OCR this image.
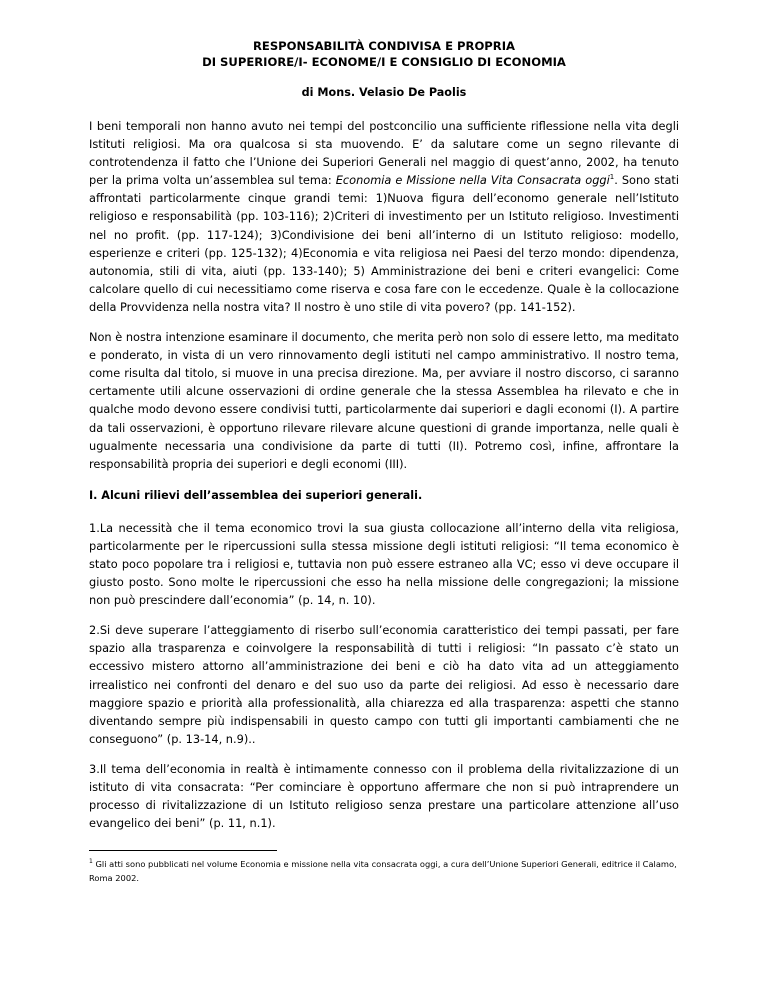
RESPONSABILITÀ CONDIVISA E PROPRIA
DI SUPERIORE/I- ECONOME/I E CONSIGLIO DI ECONOMIA
di Mons. Velasio De Paolis

I beni temporali non hanno avuto nei tempi del postconcilio una sufficiente riflessione nella vita degli Istituti religiosi. Ma ora qualcosa si sta muovendo. E’ da salutare come un segno rilevante di controtendenza il fatto che l’Unione dei Superiori Generali nel maggio di quest’anno, 2002, ha tenuto per la prima volta un’assemblea sul tema: Economia e Missione nella Vita Consacrata oggi$^1$. Sono stati affrontati particolarmente cinque grandi temi: 1)Nuova figura dell’economo generale nell’Istituto religioso e responsabilità (pp. 103-116); 2)Criteri di investimento per un Istituto religioso. Investimenti nel no profit. (pp. 117-124); 3)Condivisione dei beni all’interno di un Istituto religioso: modello, esperienze e criteri (pp. 125-132); 4)Economia e vita religiosa nei Paesi del terzo mondo: dipendenza, autonomia, stili di vita, aiuti (pp. 133-140); 5) Amministrazione dei beni e criteri evangelici: Come calcolare quello di cui necessitiamo come riserva e cosa fare con le eccedenze. Quale è la collocazione della Provvidenza nella nostra vita? Il nostro è uno stile di vita povero? (pp. 141-152).

Non è nostra intenzione esaminare il documento, che merita però non solo di essere letto, ma meditato e ponderato, in vista di un vero rinnovamento degli istituti nel campo amministrativo. Il nostro tema, come risulta dal titolo, si muove in una precisa direzione. Ma, per avviare il nostro discorso, ci saranno certamente utili alcune osservazioni di ordine generale che la stessa Assemblea ha rilevato e che in qualche modo devono essere condivisi tutti, particolarmente dai superiori e dagli economi (I). A partire da tali osservazioni, è opportuno rilevare rilevare alcune questioni di grande importanza, nelle quali è ugualmente necessaria una condivisione da parte di tutti (II). Potremo così, infine, affrontare la responsabilità propria dei superiori e degli economi (III).

I. Alcuni rilievi dell’assemblea dei superiori generali.

1.La necessità che il tema economico trovi la sua giusta collocazione all’interno della vita religiosa, particolarmente per le ripercussioni sulla stessa missione degli istituti religiosi: “Il tema economico è stato poco popolare tra i religiosi e, tuttavia non può essere estraneo alla VC; esso vi deve occupare il giusto posto. Sono molte le ripercussioni che esso ha nella missione delle congregazioni; la missione non può prescindere dall’economia” (p. 14, n. 10).

2.Si deve superare l’atteggiamento di riserbo sull’economia caratteristico dei tempi passati, per fare spazio alla trasparenza e coinvolgere la responsabilità di tutti i religiosi: “In passato c’è stato un eccessivo mistero attorno all’amministrazione dei beni e ciò ha dato vita ad un atteggiamento irrealistico nei confronti del denaro e del suo uso da parte dei religiosi. Ad esso è necessario dare maggiore spazio e priorità alla professionalità, alla chiarezza ed alla trasparenza: aspetti che stanno diventando sempre più indispensabili in questo campo con tutti gli importanti cambiamenti che ne conseguono” (p. 13-14, n.9)..

3.Il tema dell’economia in realtà è intimamente connesso con il problema della rivitalizzazione di un istituto di vita consacrata: “Per cominciare è opportuno affermare che non si può intraprendere un processo di rivitalizzazione di un Istituto religioso senza prestare una particolare attenzione all’uso evangelico dei beni” (p. 11, n.1).

$^1$ Gli atti sono pubblicati nel volume Economia e missione nella vita consacrata oggi, a cura dell’Unione Superiori Generali, editrice il Calamo, Roma 2002.
